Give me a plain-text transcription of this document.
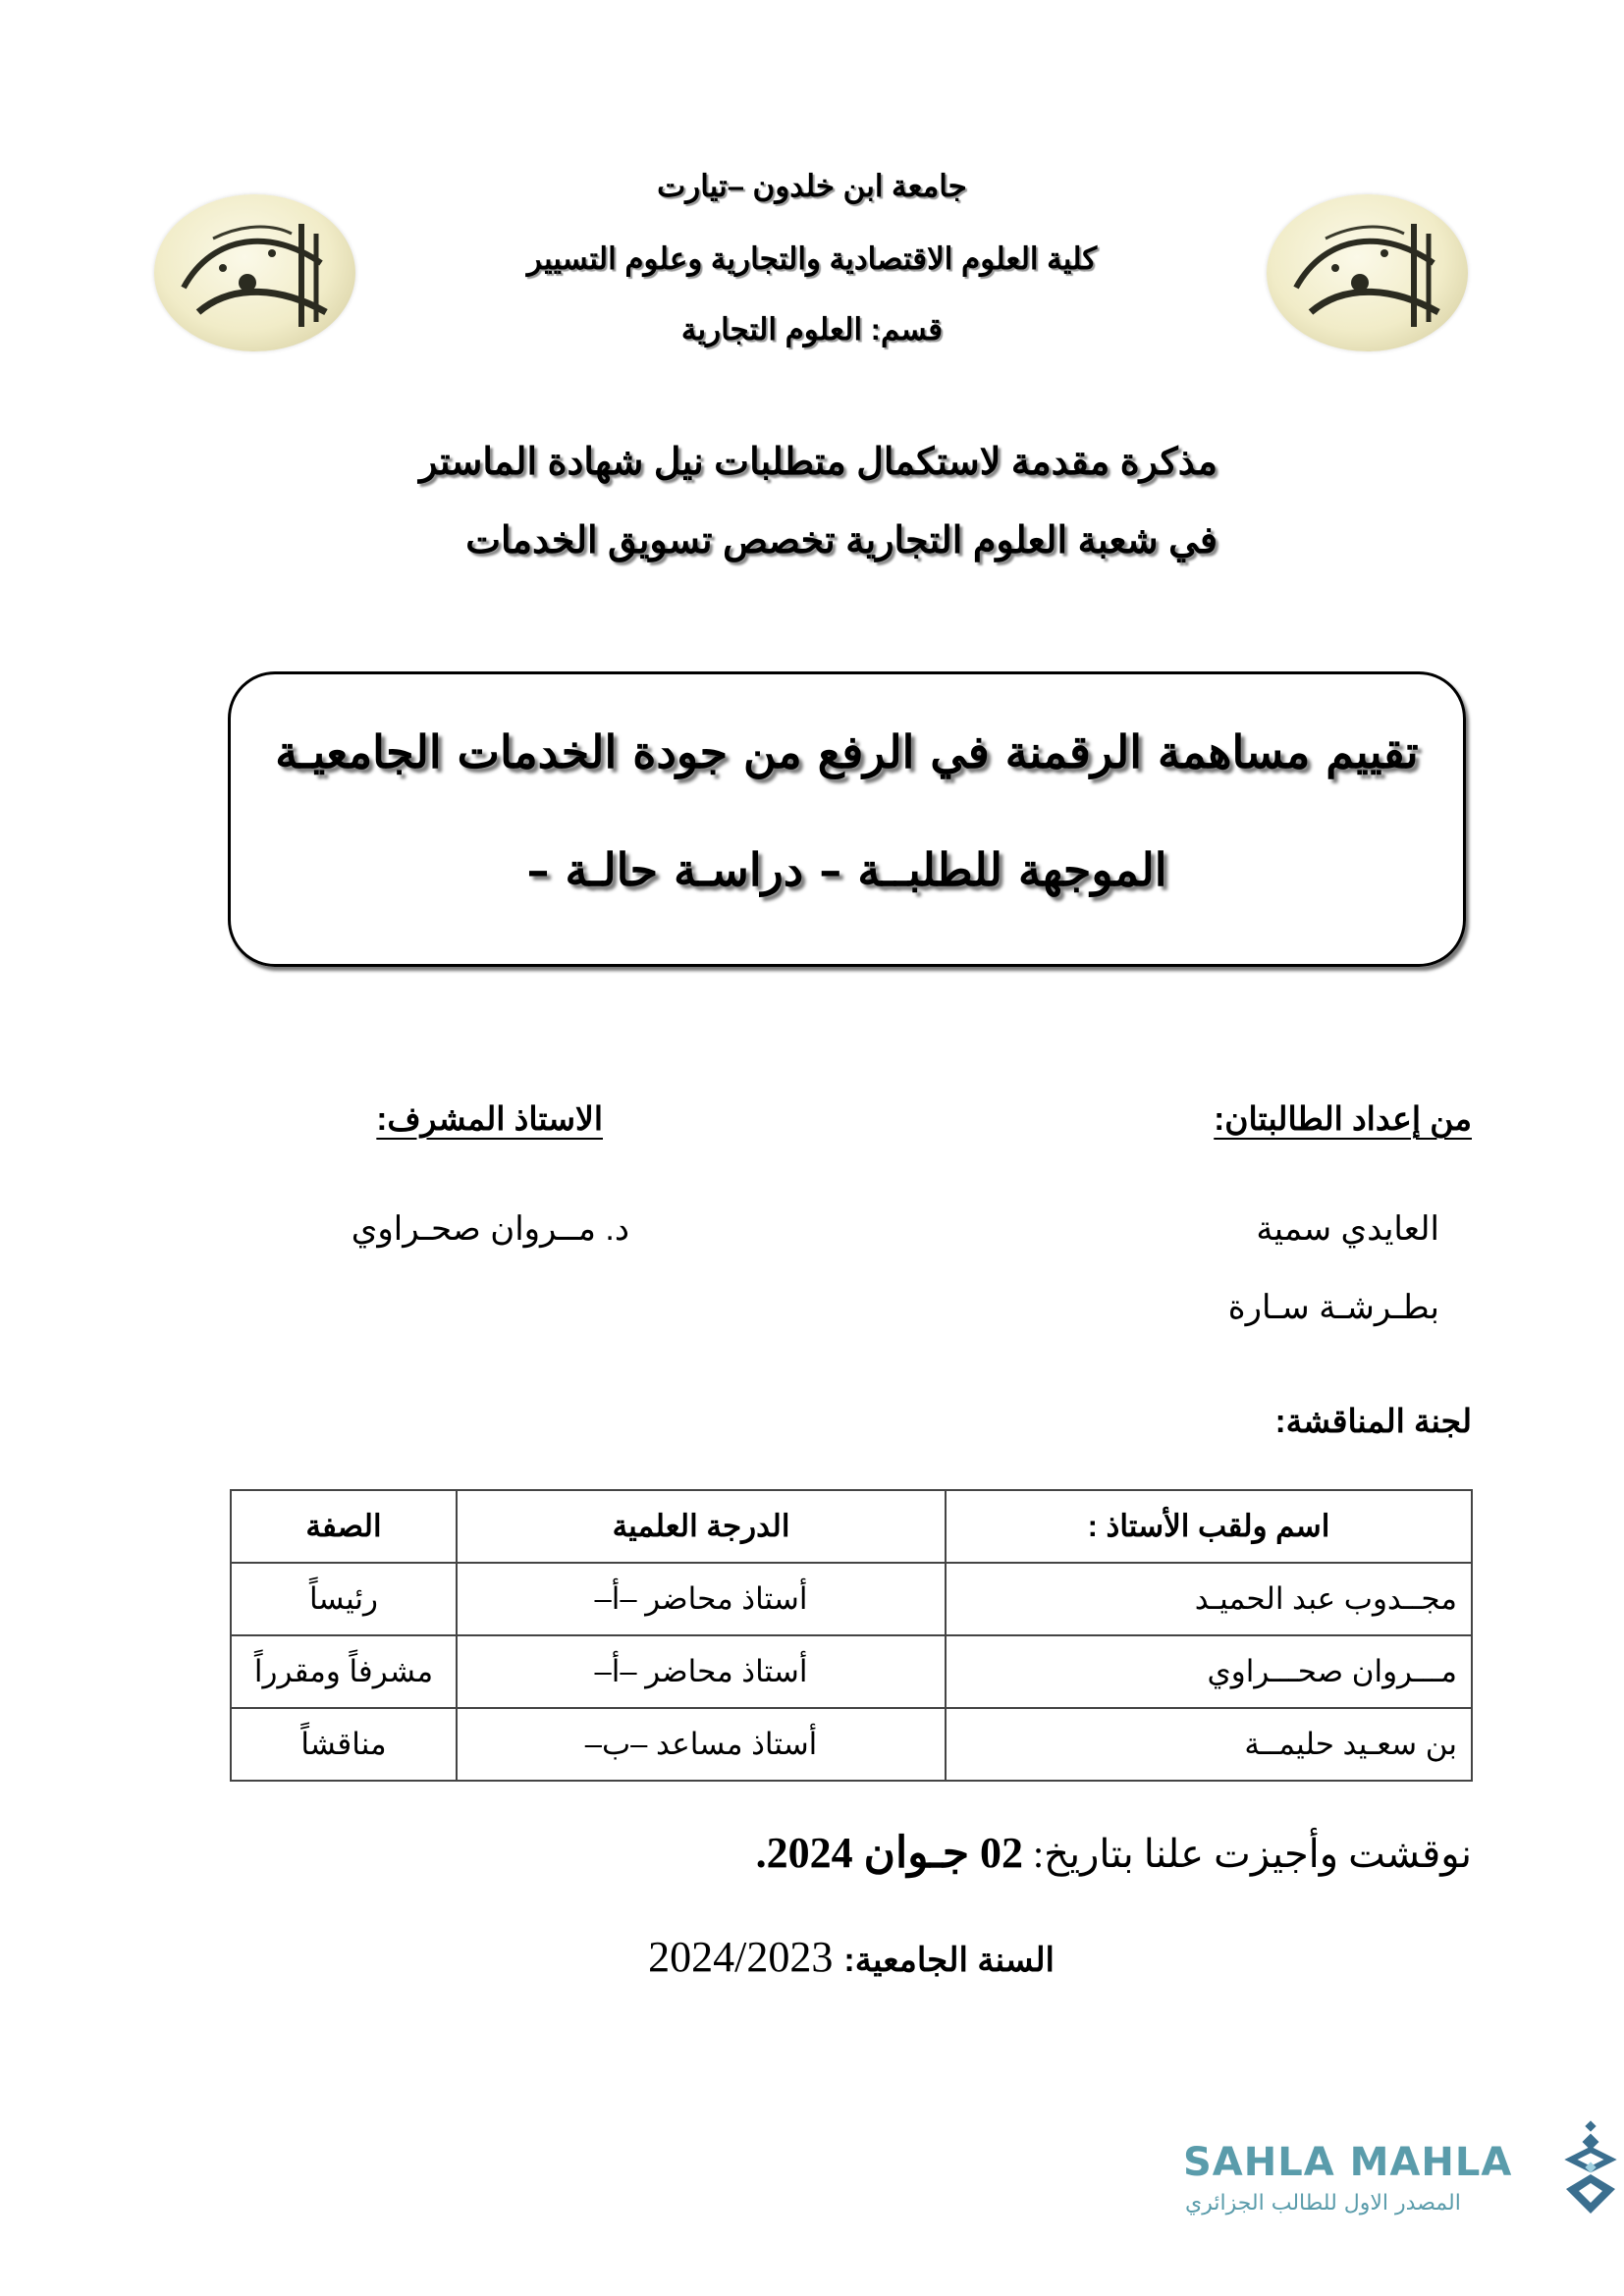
جامعة ابن خلدون –تيارت
كلية العلوم الاقتصادية والتجارية وعلوم التسيير
قسم: العلوم التجارية
مذكرة مقدمة لاستكمال متطلبات نيل شهادة الماستر
في شعبة العلوم التجارية تخصص تسويق الخدمات
تقييم مساهمة الرقمنة في الرفع من جودة الخدمات الجامعيـة
الموجهة للطلبــة – دراسـة حالـة –
من إعداد الطالبتان:
العايدي سمية
بطـرشـة سـارة
الاستاذ المشرف:
د. مــروان صحـراوي
لجنة المناقشة:
اسم ولقب الأستاذ :	الدرجة العلمية	الصفة
مجــدوب عبد الحميـد	أستاذ محاضر –أ–	رئيساً
مـــروان صحـــراوي	أستاذ محاضر –أ–	مشرفاً ومقرراً
بن سعـيد حليمــة	أستاذ مساعد –ب–	مناقشاً
نوقشت وأجيزت علنا بتاريخ: 02 جـوان 2024.
السنة الجامعية: 2024/2023
SAHLA MAHLA
المصدر الاول للطالب الجزائري
